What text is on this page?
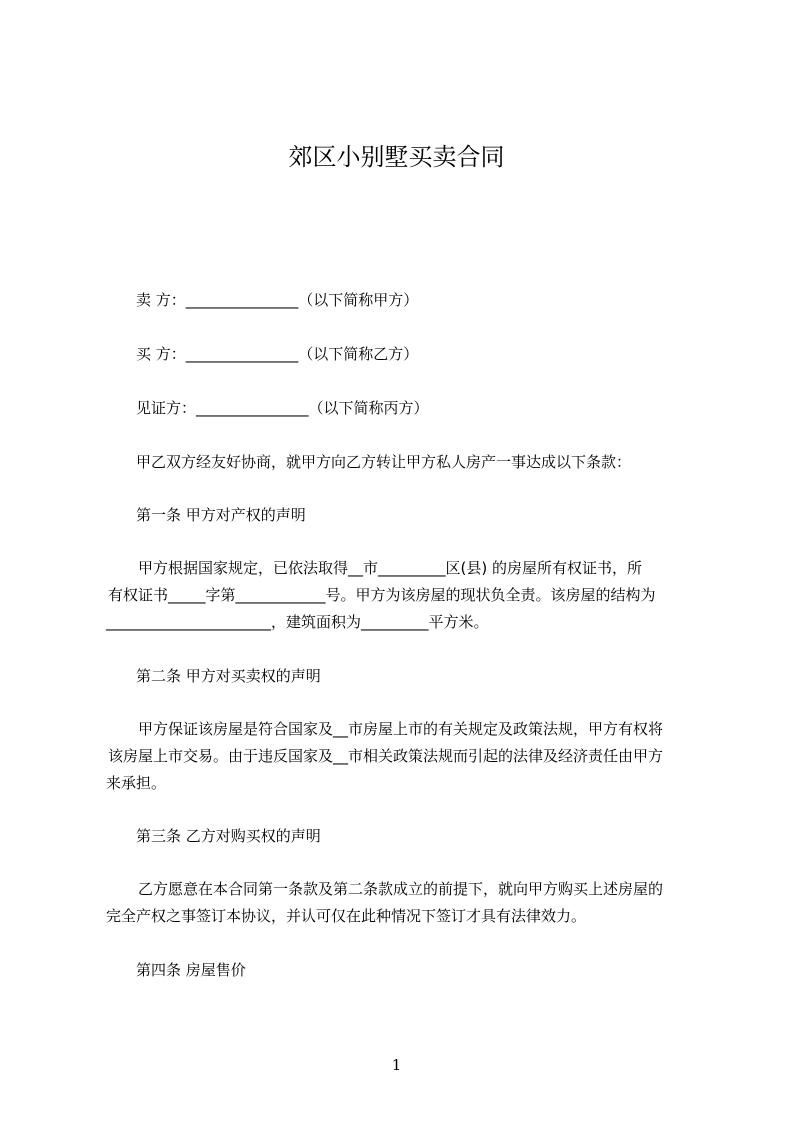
郊区小别墅买卖合同
卖 方：_______________（以下简称甲方）
买 方：_______________（以下简称乙方）
见证方：_______________（以下简称丙方）
甲乙双方经友好协商，就甲方向乙方转让甲方私人房产一事达成以下条款：
第一条 甲方对产权的声明
甲方根据国家规定，已依法取得__市_________区(县) 的房屋所有权证书，所
有权证书_____字第____________号。甲方为该房屋的现状负全责。该房屋的结构为
______________________，建筑面积为_________平方米。
第二条 甲方对买卖权的声明
甲方保证该房屋是符合国家及__市房屋上市的有关规定及政策法规，甲方有权将
该房屋上市交易。由于违反国家及__市相关政策法规而引起的法律及经济责任由甲方
来承担。
第三条 乙方对购买权的声明
乙方愿意在本合同第一条款及第二条款成立的前提下，就向甲方购买上述房屋的
完全产权之事签订本协议，并认可仅在此种情况下签订才具有法律效力。
第四条 房屋售价
1
